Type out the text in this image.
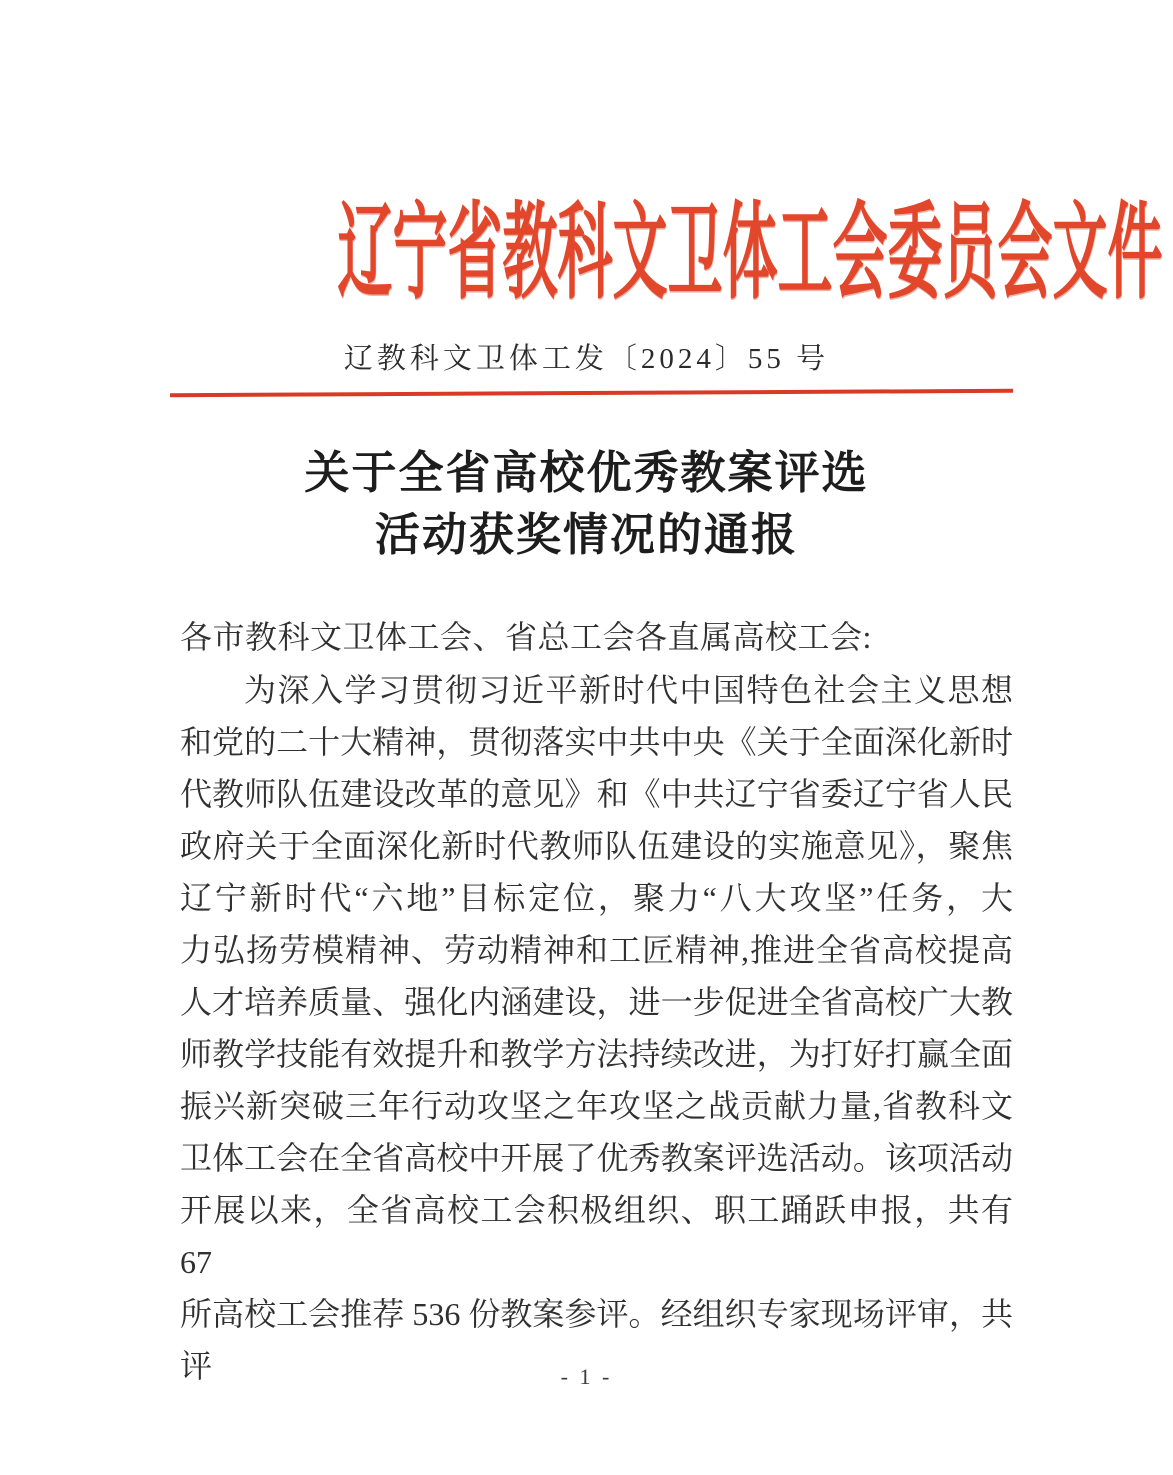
辽宁省教科文卫体工会委员会文件
辽教科文卫体工发〔2024〕55 号
关于全省高校优秀教案评选
活动获奖情况的通报
各市教科文卫体工会、省总工会各直属高校工会:
为深入学习贯彻习近平新时代中国特色社会主义思想
和党的二十大精神，贯彻落实中共中央《关于全面深化新时
代教师队伍建设改革的意见》和《中共辽宁省委辽宁省人民
政府关于全面深化新时代教师队伍建设的实施意见》，聚焦
辽宁新时代“六地”目标定位，聚力“八大攻坚”任务，大
力弘扬劳模精神、劳动精神和工匠精神,推进全省高校提高
人才培养质量、强化内涵建设，进一步促进全省高校广大教
师教学技能有效提升和教学方法持续改进，为打好打赢全面
振兴新突破三年行动攻坚之年攻坚之战贡献力量,省教科文
卫体工会在全省高校中开展了优秀教案评选活动。该项活动
开展以来，全省高校工会积极组织、职工踊跃申报，共有 67
所高校工会推荐 536 份教案参评。经组织专家现场评审，共评	- 1 -
